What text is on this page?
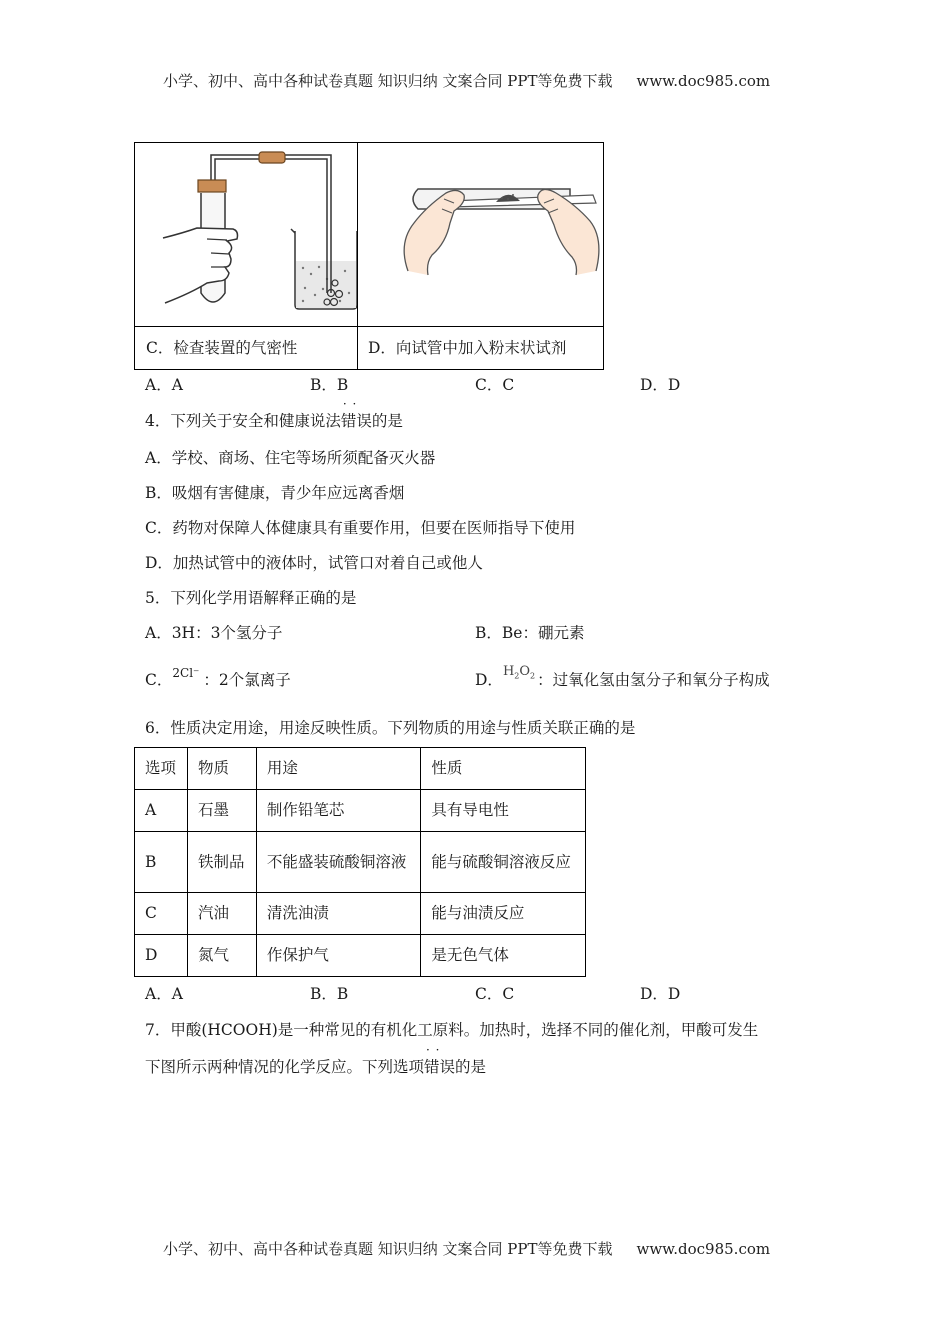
小学、初中、高中各种试卷真题 知识归纳 文案合同 PPT等免费下载 www.doc985.com
C．检查装置的气密性	D．向试管中加入粉末状试剂
A．A	B．B	C．C	D．D
4．下列关于安全和健康说法· · 错误的是
A．学校、商场、住宅等场所须配备灭火器
B．吸烟有害健康，青少年应远离香烟
C．药物对保障人体健康具有重要作用，但要在医师指导下使用
D．加热试管中的液体时，试管口对着自己或他人
5．下列化学用语解释正确的是
A．3H：3个氢分子	B．Be：硼元素
C．$^{2Cl^-}$ ：2个氯离子	D．$^{H_2O_2}$ ：过氧化氢由氢分子和氧分子构成
6．性质决定用途，用途反映性质。下列物质的用途与性质关联正确的是
选项	物质	用途	性质
A	石墨	制作铅笔芯	具有导电性
B	铁制品	不能盛装硫酸铜溶液	能与硫酸铜溶液反应
C	汽油	清洗油渍	能与油渍反应
D	氮气	作保护气	是无色气体
A．A	B．B	C．C	D．D
7．甲酸(HCOOH)是一种常见的有机化工原料。加热时，选择不同的催化剂，甲酸可发生
下图所示两种情况的化学反应。下列选项· · 错误的是
小学、初中、高中各种试卷真题 知识归纳 文案合同 PPT等免费下载 www.doc985.com
